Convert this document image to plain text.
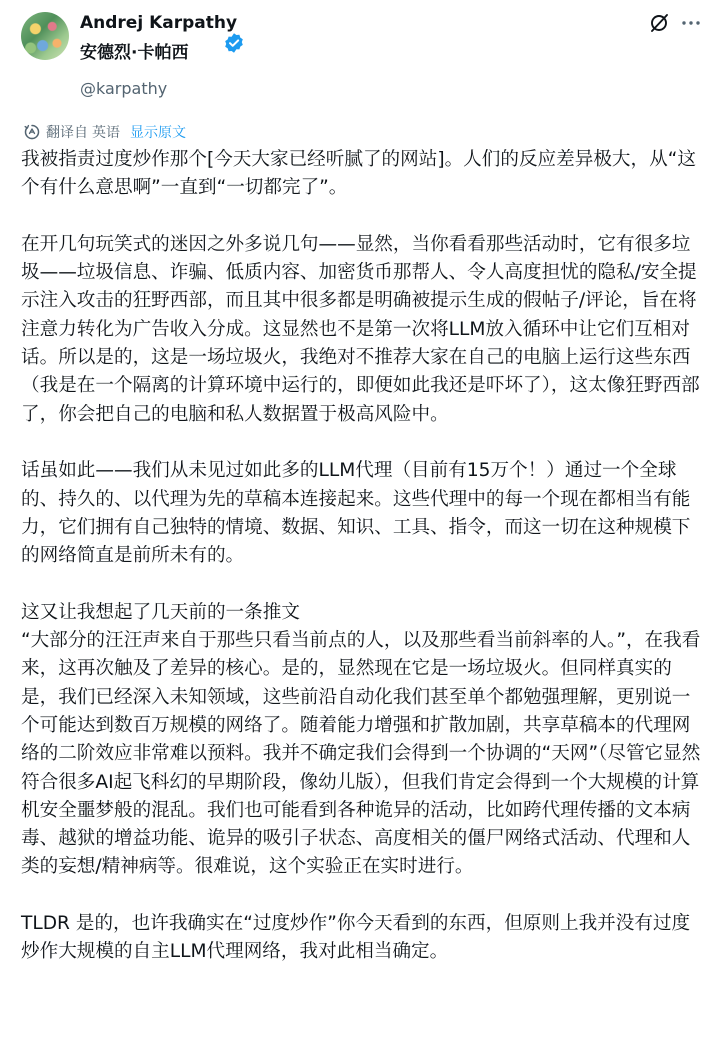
Andrej Karpathy
安德烈·卡帕西
@karpathy
翻译自 英语 显示原文

我被指责过度炒作那个[今天大家已经听腻了的网站]。人们的反应差异极大，从“这个有什么意思啊”一直到“一切都完了”。

在开几句玩笑式的迷因之外多说几句——显然，当你看看那些活动时，它有很多垃圾——垃圾信息、诈骗、低质内容、加密货币那帮人、令人高度担忧的隐私/安全提示注入攻击的狂野西部，而且其中很多都是明确被提示生成的假帖子/评论，旨在将注意力转化为广告收入分成。这显然也不是第一次将LLM放入循环中让它们互相对话。所以是的，这是一场垃圾火，我绝对不推荐大家在自己的电脑上运行这些东西（我是在一个隔离的计算环境中运行的，即便如此我还是吓坏了），这太像狂野西部了，你会把自己的电脑和私人数据置于极高风险中。

话虽如此——我们从未见过如此多的LLM代理（目前有15万个！）通过一个全球的、持久的、以代理为先的草稿本连接起来。这些代理中的每一个现在都相当有能力，它们拥有自己独特的情境、数据、知识、工具、指令，而这一切在这种规模下的网络简直是前所未有的。

这又让我想起了几天前的一条推文

“大部分的汪汪声来自于那些只看当前点的人，以及那些看当前斜率的人。”，在我看来，这再次触及了差异的核心。是的，显然现在它是一场垃圾火。但同样真实的是，我们已经深入未知领域，这些前沿自动化我们甚至单个都勉强理解，更别说一个可能达到数百万规模的网络了。随着能力增强和扩散加剧，共享草稿本的代理网络的二阶效应非常难以预料。我并不确定我们会得到一个协调的“天网”（尽管它显然符合很多AI起飞科幻的早期阶段，像幼儿版），但我们肯定会得到一个大规模的计算机安全噩梦般的混乱。我们也可能看到各种诡异的活动，比如跨代理传播的文本病毒、越狱的增益功能、诡异的吸引子状态、高度相关的僵尸网络式活动、代理和人类的妄想/精神病等。很难说，这个实验正在实时进行。

TLDR 是的，也许我确实在“过度炒作”你今天看到的东西，但原则上我并没有过度炒作大规模的自主LLM代理网络，我对此相当确定。
